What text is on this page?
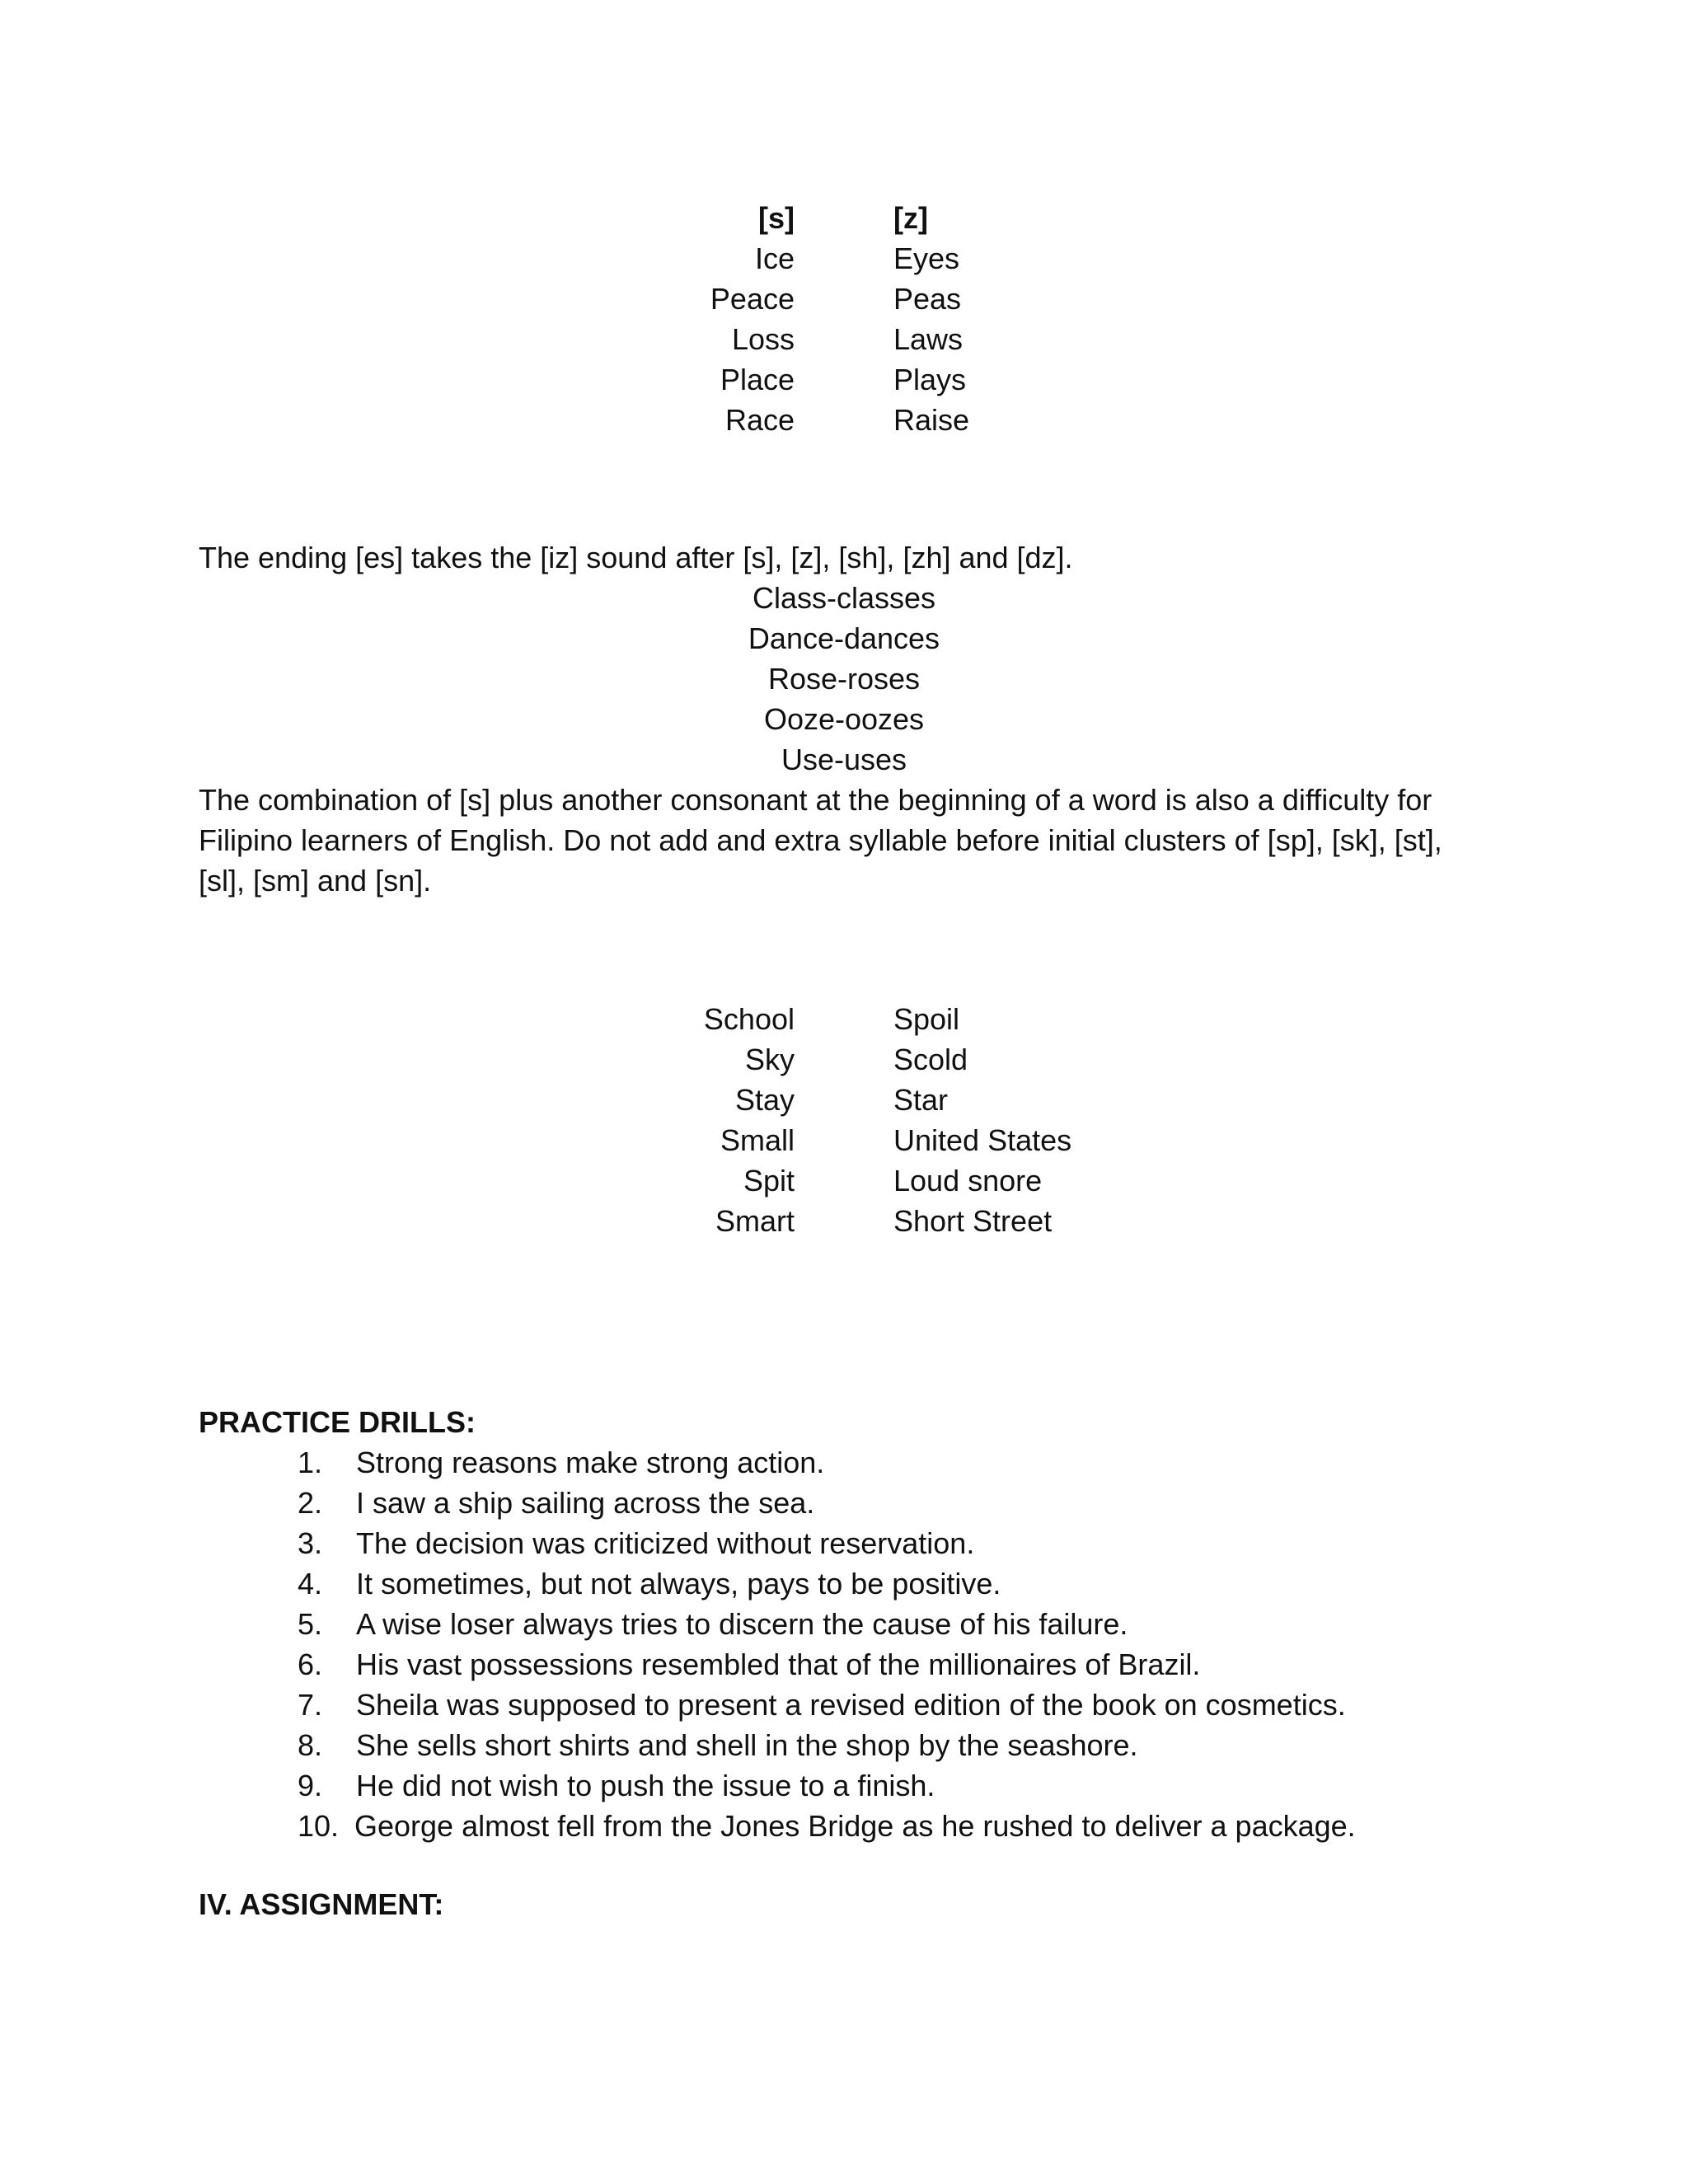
[s]	[z]
Ice	Eyes
Peace	Peas
Loss	Laws
Place	Plays
Race	Raise
The ending [es] takes the [iz] sound after [s], [z], [sh], [zh] and [dz].
Class-classes
Dance-dances
Rose-roses
Ooze-oozes
Use-uses
The combination of [s] plus another consonant at the beginning of a word is also a difficulty for
Filipino learners of English. Do not add and extra syllable before initial clusters of [sp], [sk], [st],
[sl], [sm] and [sn].
School	Spoil
Sky	Scold
Stay	Star
Small	United States
Spit	Loud snore
Smart	Short Street
PRACTICE DRILLS:
1. Strong reasons make strong action.
2. I saw a ship sailing across the sea.
3. The decision was criticized without reservation.
4. It sometimes, but not always, pays to be positive.
5. A wise loser always tries to discern the cause of his failure.
6. His vast possessions resembled that of the millionaires of Brazil.
7. Sheila was supposed to present a revised edition of the book on cosmetics.
8. She sells short shirts and shell in the shop by the seashore.
9. He did not wish to push the issue to a finish.
10. George almost fell from the Jones Bridge as he rushed to deliver a package.
IV. ASSIGNMENT:
